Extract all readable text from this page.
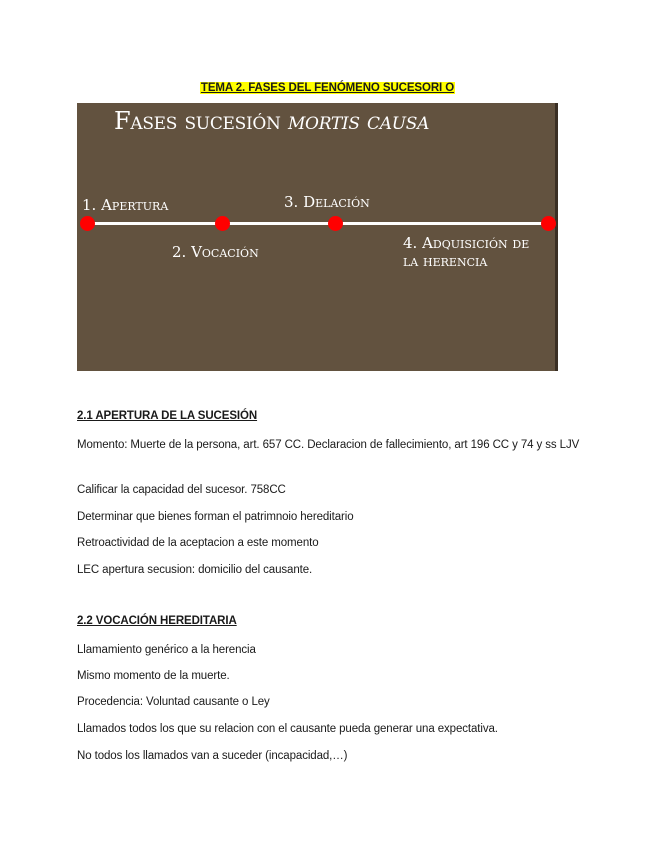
TEMA 2. FASES DEL FENÓMENO SUCESORI O
Fases sucesión mortis causa
1. Apertura
2. Vocación
3. Delación
4. Adquisición de
la herencia
2.1 APERTURA DE LA SUCESIÓN

Momento: Muerte de la persona, art. 657 CC. Declaracion de fallecimiento, art 196 CC y 74 y ss LJV

Calificar la capacidad del sucesor. 758CC

Determinar que bienes forman el patrimnoio hereditario

Retroactividad de la aceptacion a este momento

LEC apertura secusion: domicilio del causante.

2.2 VOCACIÓN HEREDITARIA

Llamamiento genérico a la herencia

Mismo momento de la muerte.

Procedencia: Voluntad causante o Ley

Llamados todos los que su relacion con el causante pueda generar una expectativa.

No todos los llamados van a suceder (incapacidad,…)
